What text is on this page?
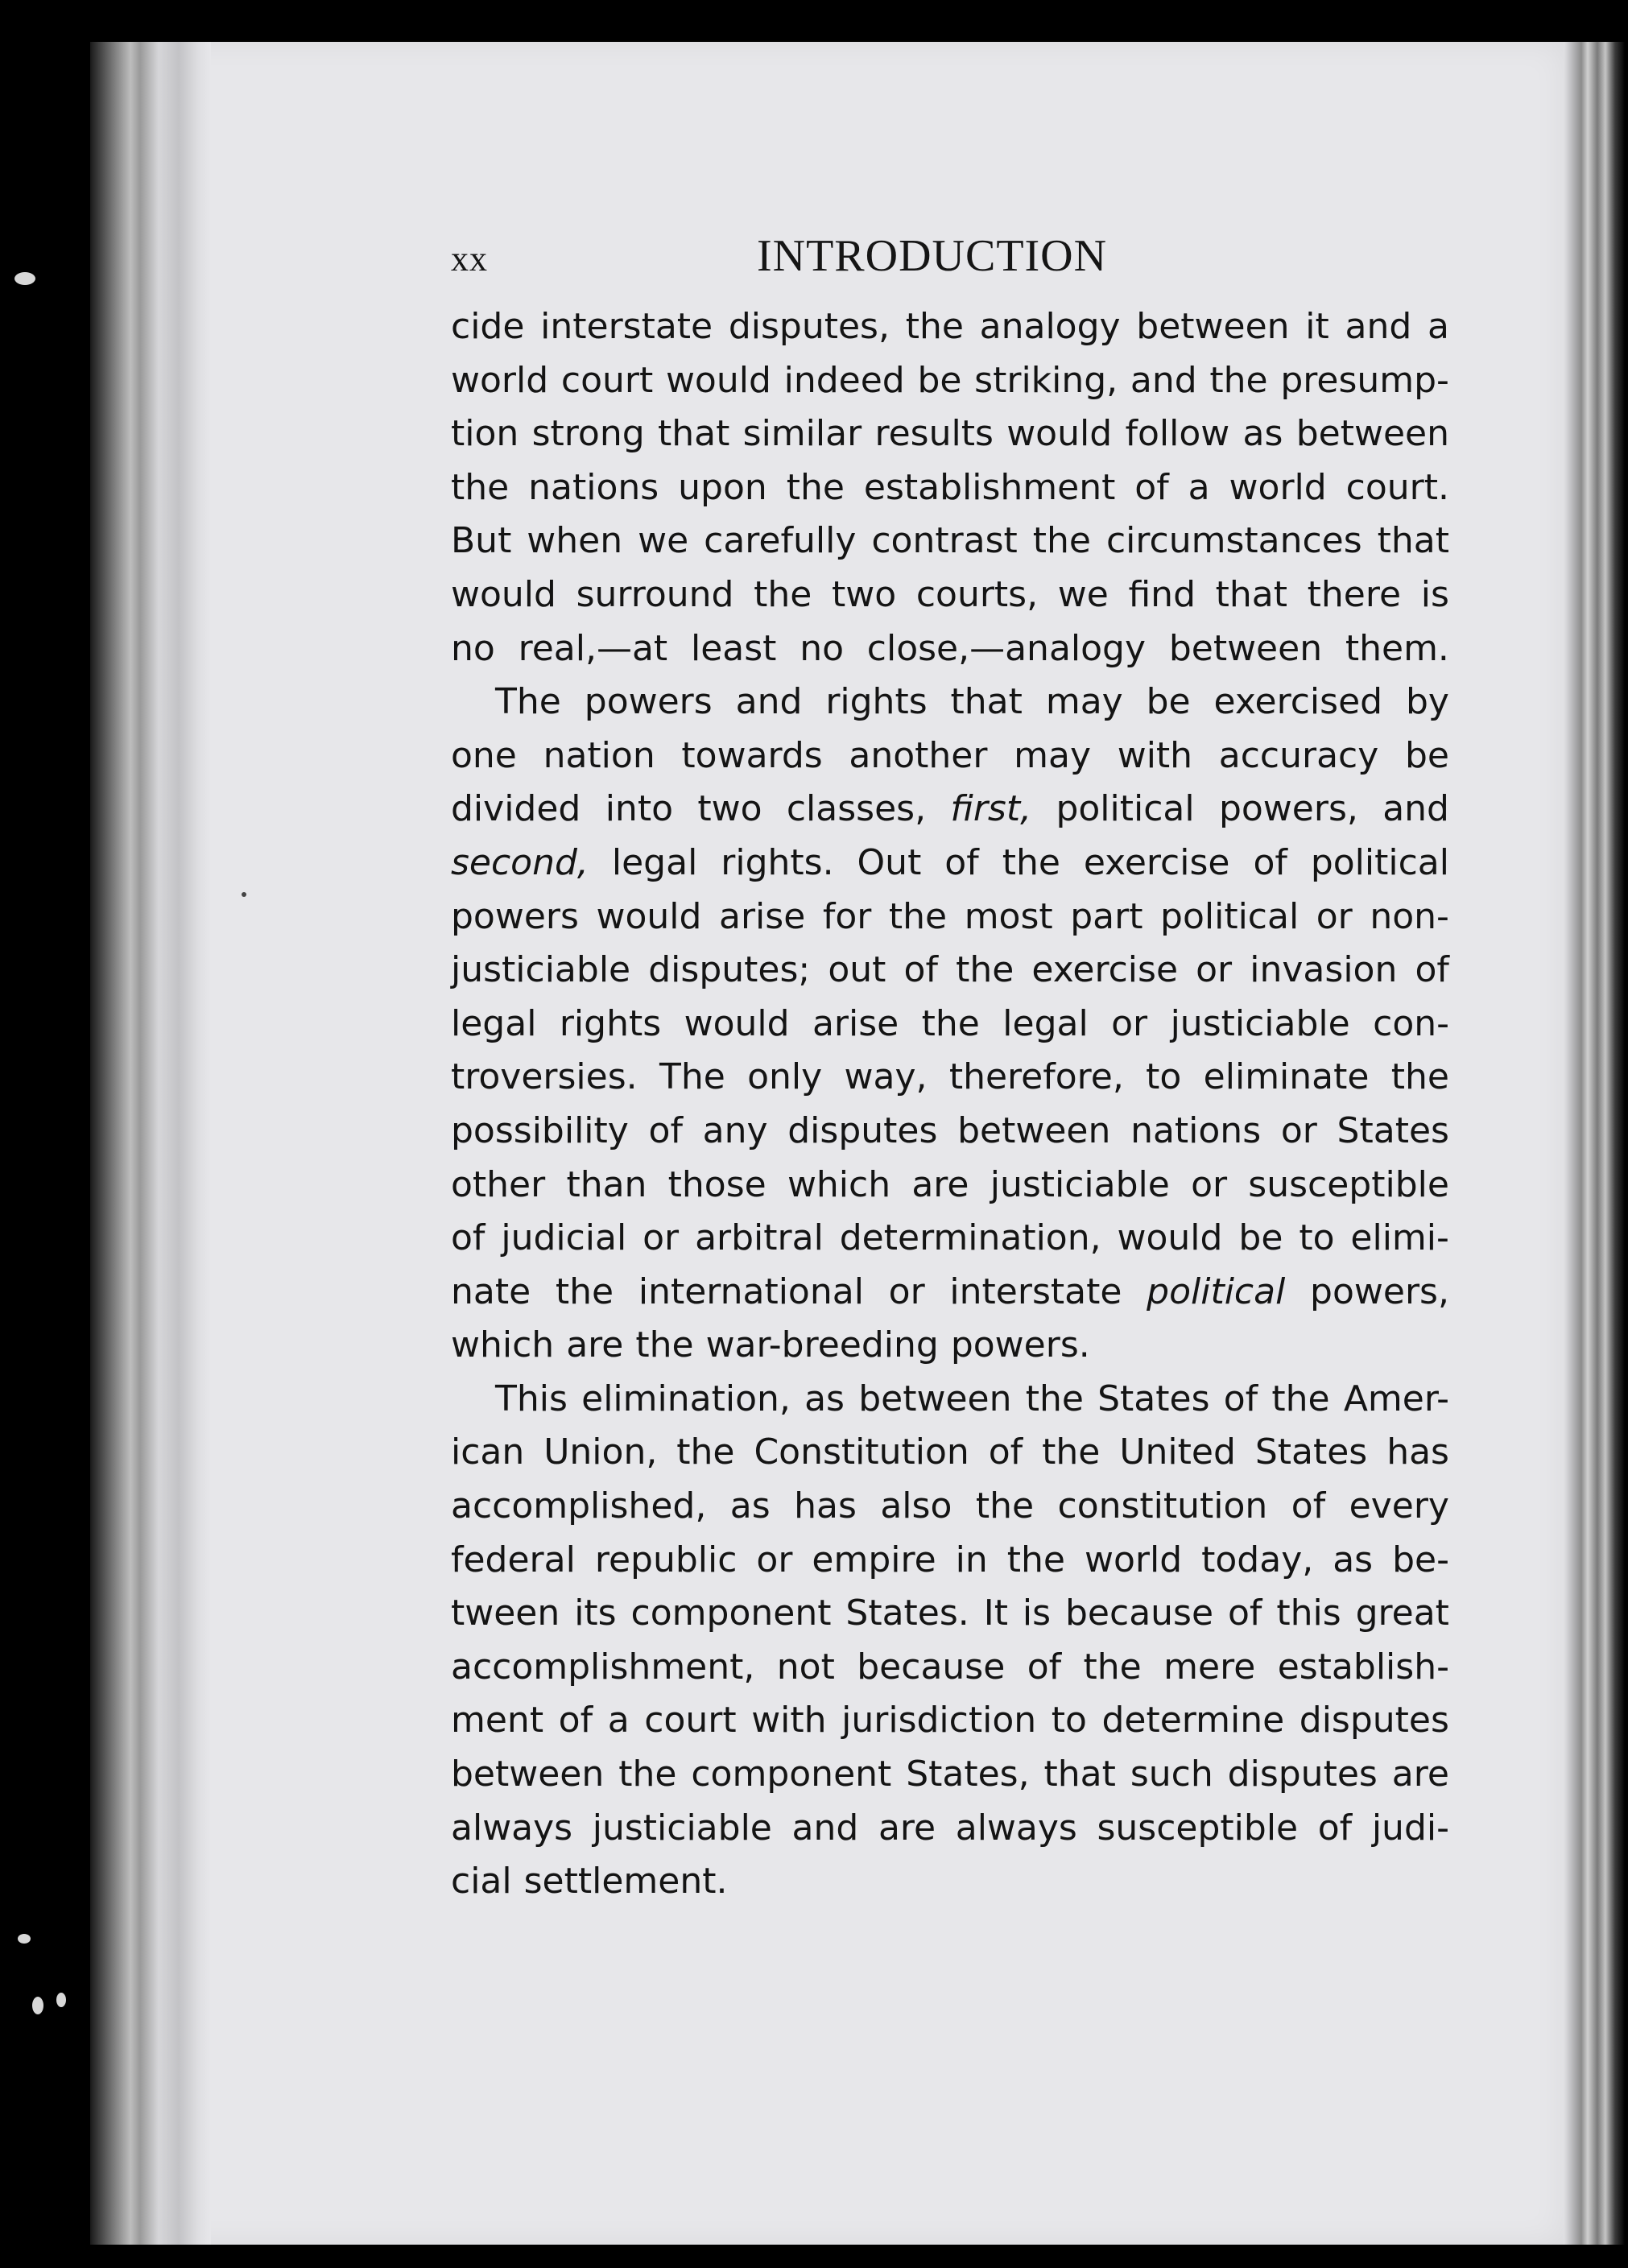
xx	INTRODUCTION
cide interstate disputes, the analogy between it and a
world court would indeed be striking, and the presump-
tion strong that similar results would follow as between
the nations upon the establishment of a world court.
But when we carefully contrast the circumstances that
would surround the two courts, we find that there is
no real,—at least no close,—analogy between them.
The powers and rights that may be exercised by
one nation towards another may with accuracy be
divided into two classes, first, political powers, and
second, legal rights. Out of the exercise of political
powers would arise for the most part political or non-
justiciable disputes; out of the exercise or invasion of
legal rights would arise the legal or justiciable con-
troversies. The only way, therefore, to eliminate the
possibility of any disputes between nations or States
other than those which are justiciable or susceptible
of judicial or arbitral determination, would be to elimi-
nate the international or interstate political powers,
which are the war-breeding powers.
This elimination, as between the States of the Amer-
ican Union, the Constitution of the United States has
accomplished, as has also the constitution of every
federal republic or empire in the world today, as be-
tween its component States. It is because of this great
accomplishment, not because of the mere establish-
ment of a court with jurisdiction to determine disputes
between the component States, that such disputes are
always justiciable and are always susceptible of judi-
cial settlement.
